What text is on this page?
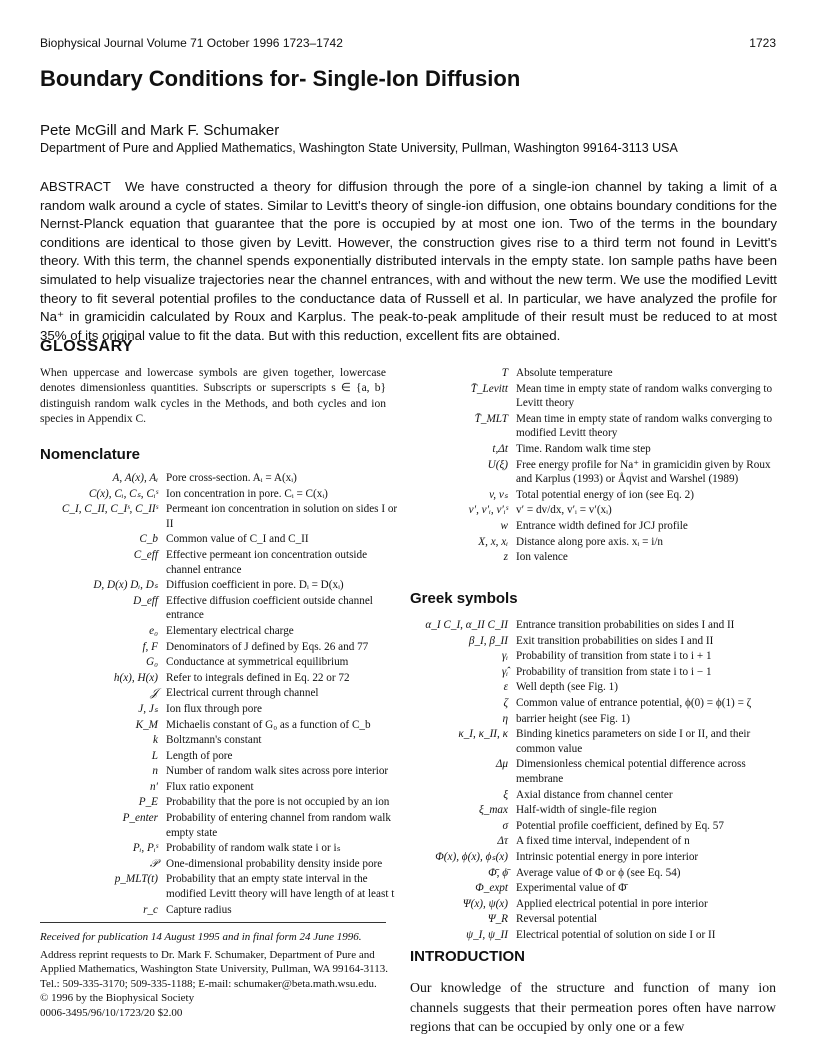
Biophysical Journal Volume 71 October 1996 1723–1742	1723
Boundary Conditions for- Single-Ion Diffusion
Pete McGill and Mark F. Schumaker
Department of Pure and Applied Mathematics, Washington State University, Pullman, Washington 99164-3113 USA
ABSTRACT We have constructed a theory for diffusion through the pore of a single-ion channel by taking a limit of a random walk around a cycle of states. Similar to Levitt's theory of single-ion diffusion, one obtains boundary conditions for the Nernst-Planck equation that guarantee that the pore is occupied by at most one ion. Two of the terms in the boundary conditions are identical to those given by Levitt. However, the construction gives rise to a third term not found in Levitt's theory. With this term, the channel spends exponentially distributed intervals in the empty state. Ion sample paths have been simulated to help visualize trajectories near the channel entrances, with and without the new term. We use the modified Levitt theory to fit several potential profiles to the conductance data of Russell et al. In particular, we have analyzed the profile for Na⁺ in gramicidin calculated by Roux and Karplus. The peak-to-peak amplitude of their result must be reduced to at most 35% of its original value to fit the data. But with this reduction, excellent fits are obtained.
GLOSSARY
When uppercase and lowercase symbols are given together, lowercase denotes dimensionless quantities. Subscripts or superscripts s ∈ {a, b} distinguish random walk cycles in the Methods, and both cycles and ion species in Appendix C.
Nomenclature
A, A(x), Aᵢ	Pore cross-section. Aᵢ = A(xᵢ)
C(x), Cᵢ, Cₛ, Cᵢˢ	Ion concentration in pore. Cᵢ = C(xᵢ)
C_I, C_II, C_Iˢ, C_IIˢ	Permeant ion concentration in solution on sides I or II
C_b	Common value of C_I and C_II
C_eff	Effective permeant ion concentration outside channel entrance
D, D(x) Dᵢ, Dₛ	Diffusion coefficient in pore. Dᵢ = D(xᵢ)
D_eff	Effective diffusion coefficient outside channel entrance
e₀	Elementary electrical charge
f, F	Denominators of J defined by Eqs. 26 and 77
G₀	Conductance at symmetrical equilibrium
h(x), H(x)	Refer to integrals defined in Eq. 22 or 72
𝒥	Electrical current through channel
J, Jₛ	Ion flux through pore
K_M	Michaelis constant of G₀ as a function of C_b
k	Boltzmann's constant
L	Length of pore
n	Number of random walk sites across pore interior
n′	Flux ratio exponent
P_E	Probability that the pore is not occupied by an ion
P_enter	Probability of entering channel from random walk empty state
Pᵢ, Pᵢˢ	Probability of random walk state i or iₛ
𝒫	One-dimensional probability density inside pore
p_MLT(t)	Probability that an empty state interval in the modified Levitt theory will have length of at least t
r_c	Capture radius
T	Absolute temperature
T̄_Levitt	Mean time in empty state of random walks converging to Levitt theory
T̄_MLT	Mean time in empty state of random walks converging to modified Levitt theory
t,Δt	Time. Random walk time step
U(ξ)	Free energy profile for Na⁺ in gramicidin given by Roux and Karplus (1993) or Åqvist and Warshel (1989)
v, vₛ	Total potential energy of ion (see Eq. 2)
v′, v′ᵢ, v′ᵢˢ	v′ = dv/dx, v′ᵢ = v′(xᵢ)
w	Entrance width defined for JCJ profile
X, x, xᵢ	Distance along pore axis. xᵢ = i/n
z	Ion valence
Greek symbols
α_I C_I, α_II C_II	Entrance transition probabilities on sides I and II
β_I, β_II	Exit transition probabilities on sides I and II
γᵢ	Probability of transition from state i to i + 1
γ̂ᵢ	Probability of transition from state i to i − 1
ε	Well depth (see Fig. 1)
ζ	Common value of entrance potential, ϕ(0) = ϕ(1) = ζ
η	barrier height (see Fig. 1)
κ_I, κ_II, κ	Binding kinetics parameters on side I or II, and their common value
Δμ	Dimensionless chemical potential difference across membrane
ξ	Axial distance from channel center
ξ_max	Half-width of single-file region
σ	Potential profile coefficient, defined by Eq. 57
Δτ	A fixed time interval, independent of n
Φ(x), ϕ(x), ϕₛ(x)	Intrinsic potential energy in pore interior
Φ̄, ϕ̄	Average value of Φ or ϕ (see Eq. 54)
Φ_expt	Experimental value of Φ̄
Ψ(x), ψ(x)	Applied electrical potential in pore interior
Ψ_R	Reversal potential
ψ_I, ψ_II	Electrical potential of solution on side I or II

Received for publication 14 August 1995 and in final form 24 June 1996.

Address reprint requests to Dr. Mark F. Schumaker, Department of Pure and Applied Mathematics, Washington State University, Pullman, WA 99164-3113. Tel.: 509-335-3170; 509-335-1188; E-mail: schumaker@beta.math.wsu.edu.

© 1996 by the Biophysical Society

0006-3495/96/10/1723/20 $2.00

INTRODUCTION
Our knowledge of the structure and function of many ion channels suggests that their permeation pores often have narrow regions that can be occupied by only one or a few
